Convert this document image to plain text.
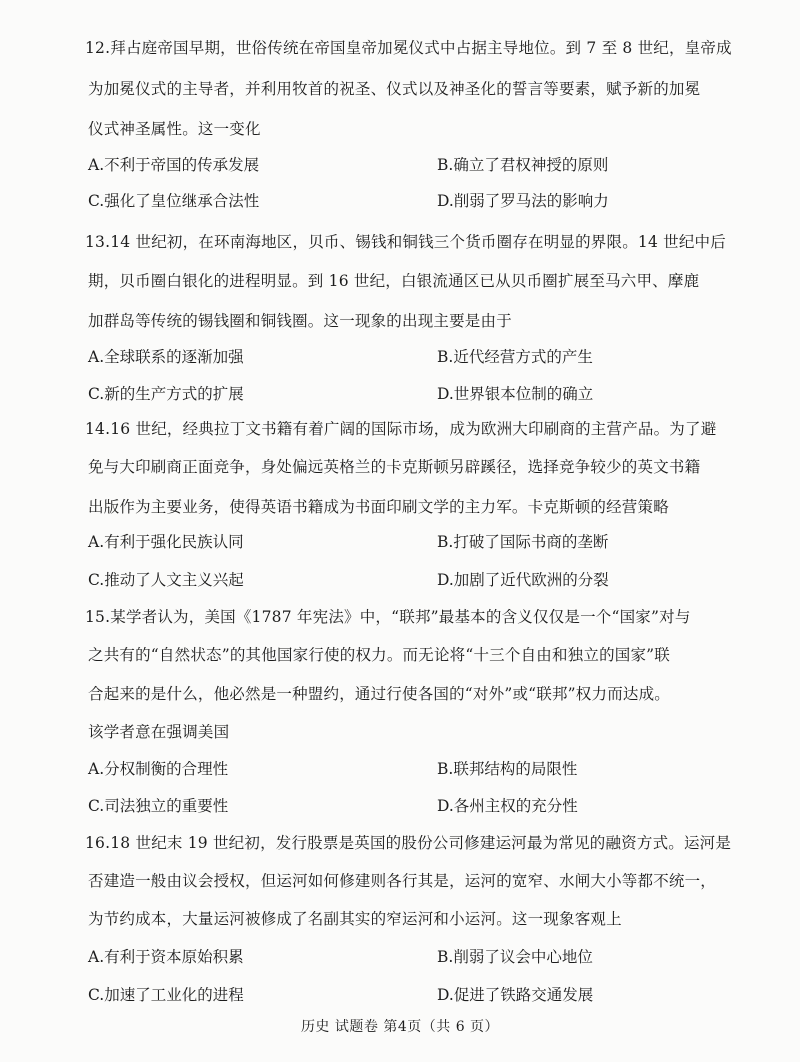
12.拜占庭帝国早期，世俗传统在帝国皇帝加冕仪式中占据主导地位。到 7 至 8 世纪，皇帝成
为加冕仪式的主导者，并利用牧首的祝圣、仪式以及神圣化的誓言等要素，赋予新的加冕
仪式神圣属性。这一变化
A.不利于帝国的传承发展	B.确立了君权神授的原则
C.强化了皇位继承合法性	D.削弱了罗马法的影响力
13.14 世纪初，在环南海地区，贝币、锡钱和铜钱三个货币圈存在明显的界限。14 世纪中后
期，贝币圈白银化的进程明显。到 16 世纪，白银流通区已从贝币圈扩展至马六甲、摩鹿
加群岛等传统的锡钱圈和铜钱圈。这一现象的出现主要是由于
A.全球联系的逐渐加强	B.近代经营方式的产生
C.新的生产方式的扩展	D.世界银本位制的确立
14.16 世纪，经典拉丁文书籍有着广阔的国际市场，成为欧洲大印刷商的主营产品。为了避
免与大印刷商正面竞争，身处偏远英格兰的卡克斯顿另辟蹊径，选择竞争较少的英文书籍
出版作为主要业务，使得英语书籍成为书面印刷文学的主力军。卡克斯顿的经营策略
A.有利于强化民族认同	B.打破了国际书商的垄断
C.推动了人文主义兴起	D.加剧了近代欧洲的分裂
15.某学者认为，美国《1787 年宪法》中，“联邦”最基本的含义仅仅是一个“国家”对与
之共有的“自然状态”的其他国家行使的权力。而无论将“十三个自由和独立的国家”联
合起来的是什么，他必然是一种盟约，通过行使各国的“对外”或“联邦”权力而达成。
该学者意在强调美国
A.分权制衡的合理性	B.联邦结构的局限性
C.司法独立的重要性	D.各州主权的充分性
16.18 世纪末 19 世纪初，发行股票是英国的股份公司修建运河最为常见的融资方式。运河是
否建造一般由议会授权，但运河如何修建则各行其是，运河的宽窄、水闸大小等都不统一，
为节约成本，大量运河被修成了名副其实的窄运河和小运河。这一现象客观上
A.有利于资本原始积累	B.削弱了议会中心地位
C.加速了工业化的进程	D.促进了铁路交通发展
历史 试题卷 第4页（共 6 页）
